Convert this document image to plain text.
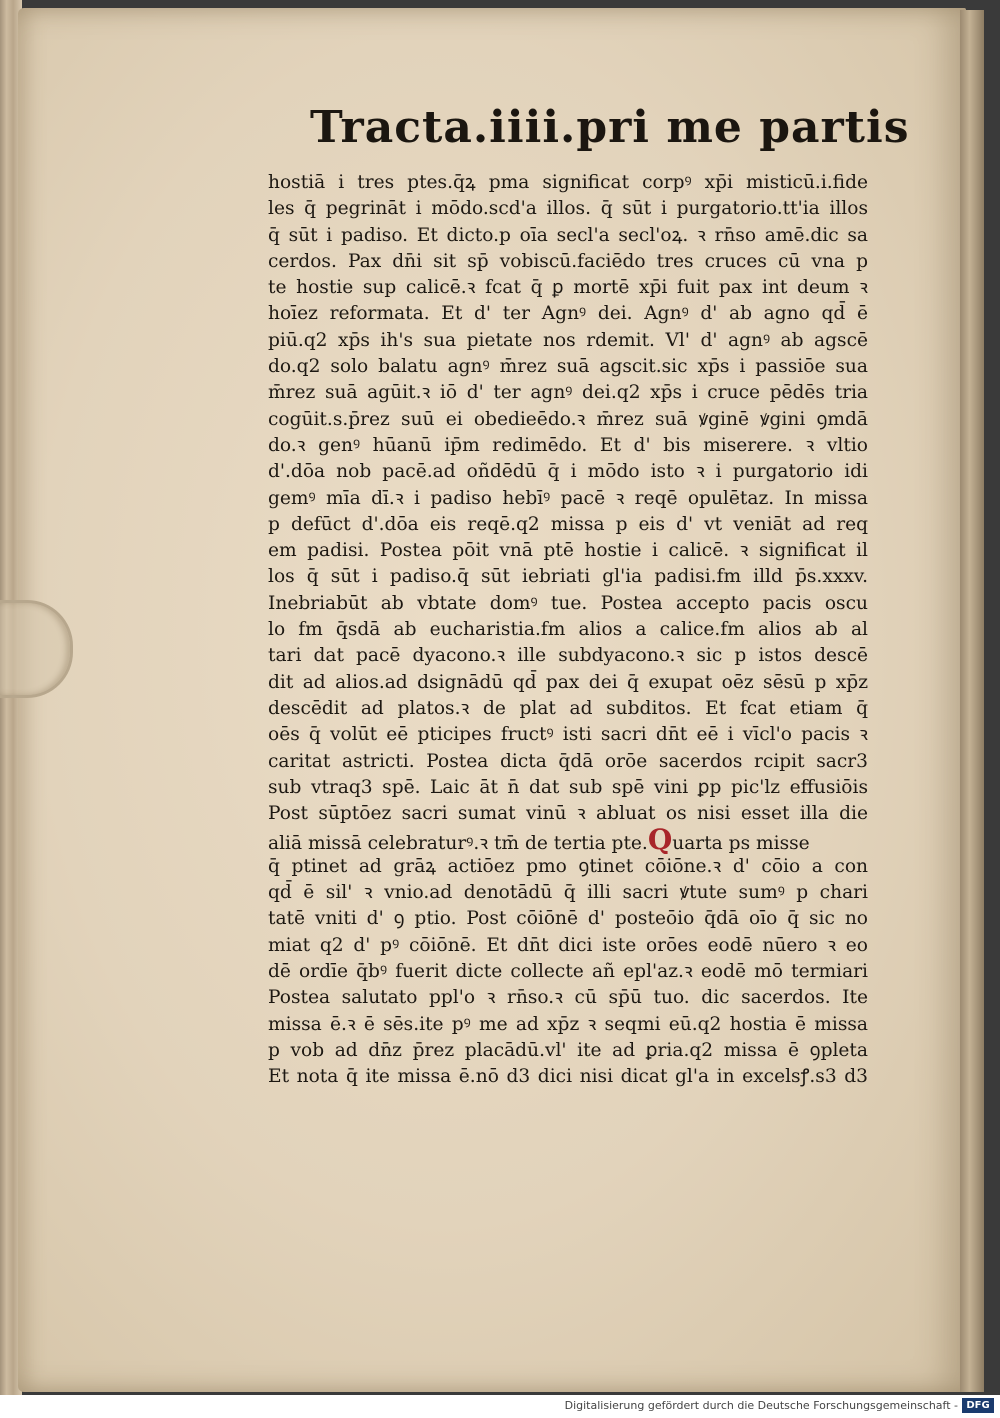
Tracta.iiii.pri me partis
hostiā i tres ptes.q̄ꝝ pma significat corpꝰ xp̄i misticū.i.fide
les q̄ pegrināt i mōdo.scd'a illos. q̄ sūt i purgatorio.tt'ia illos
q̄ sūt i padiso. Et dicto.p oīa secl'a secl'oꝝ. ꝛ rn̄so amē.dic sa
cerdos. Pax dn̄i sit sp̄ vobiscū.faciēdo tres cruces cū vna p
te hostie sup calicē.ꝛ fcat q̄ ꝑ mortē xp̄i fuit pax int deum ꝛ
hoīez reformata. Et d' ter Agnꝰ dei. Agnꝰ d' ab agno qd̄ ē
piū.q2 xp̄s ih's sua pietate nos rdemit. Vl' d' agnꝰ ab agscē
do.q2 solo balatu agnꝰ m̄rez suā agscit.sic xp̄s i passiōe sua
m̄rez suā agūit.ꝛ iō d' ter agnꝰ dei.q2 xp̄s i cruce pēdēs tria
cogūit.s.p̄rez suū ei obedieēdo.ꝛ m̄rez suā ꝟginē ꝟgini ꝯmdā
do.ꝛ genꝰ hūanū ip̄m redimēdo. Et d' bis miserere. ꝛ vltio
d'.dōa nob pacē.ad oñdēdū q̄ i mōdo isto ꝛ i purgatorio idi
gemꝰ mīa dī.ꝛ i padiso hebīꝰ pacē ꝛ reqē opulētaz. In missa
p defūct d'.dōa eis reqē.q2 missa p eis d' vt veniāt ad req
em padisi. Postea pōit vnā ptē hostie i calicē. ꝛ significat il
los q̄ sūt i padiso.q̄ sūt iebriati gl'ia padisi.fm illd p̄s.xxxv.
Inebriabūt ab vbtate domꝰ tue. Postea accepto pacis oscu
lo fm q̄sdā ab eucharistia.fm alios a calice.fm alios ab al
tari dat pacē dyacono.ꝛ ille subdyacono.ꝛ sic p istos descē
dit ad alios.ad dsignādū qd̄ pax dei q̄ exupat oēz sēsū p xp̄z
descēdit ad platos.ꝛ de plat ad subditos. Et fcat etiam q̄
oēs q̄ volūt eē pticipes fructꝰ isti sacri dn̄t eē i vīcl'o pacis ꝛ
caritat astricti. Postea dicta q̄dā orōe sacerdos rcipit sacr3
sub vtraq3 spē. Laic āt n̄ dat sub spē vini ꝑp pic'lz effusiōis
Post sūptōez sacri sumat vinū ꝛ abluat os nisi esset illa die
aliā missā celebraturꝰ.ꝛ tm̄ de tertia pte.Quarta ps misse
q̄ ptinet ad grāꝝ actiōez pmo ꝯtinet cōiōne.ꝛ d' cōio a con
qd̄ ē sil' ꝛ vnio.ad denotādū q̄ illi sacri ꝟtute sumꝰ p chari
tatē vniti d' ꝯ ptio. Post cōiōnē d' posteōio q̄dā oīo q̄ sic no
miat q2 d' pꝰ cōiōnē. Et dn̄t dici iste orōes eodē nūero ꝛ eo
dē ordīe q̄bꝰ fuerit dicte collecte añ epl'az.ꝛ eodē mō termiari
Postea salutato ppl'o ꝛ rn̄so.ꝛ cū sp̄ū tuo. dic sacerdos. Ite
missa ē.ꝛ ē sēs.ite pꝰ me ad xp̄z ꝛ seqmi eū.q2 hostia ē missa
p vob ad dn̄z p̄rez placādū.vl' ite ad ꝑria.q2 missa ē ꝯpleta
Et nota q̄ ite missa ē.nō d3 dici nisi dicat gl'a in excelsꝭ.s3 d3
Digitalisierung gefördert durch die Deutsche Forschungsgemeinschaft - DFG
